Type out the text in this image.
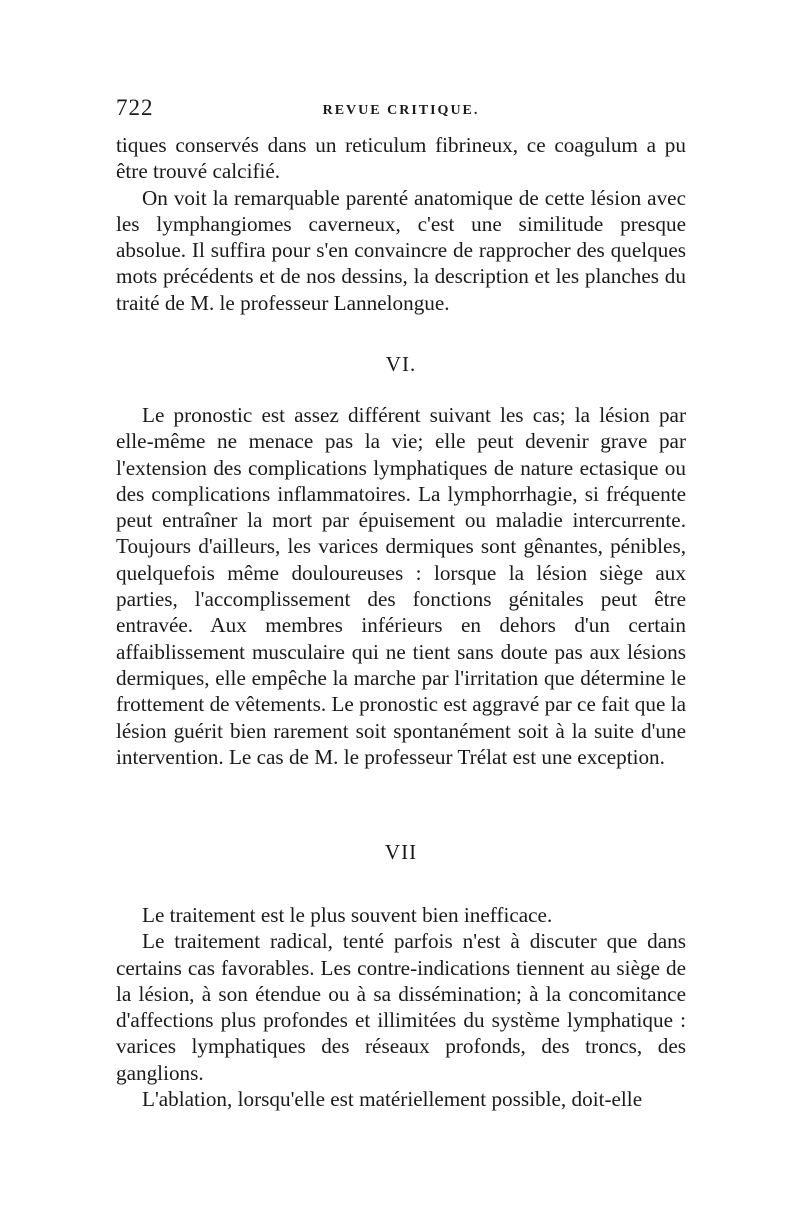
722	REVUE CRITIQUE.

tiques conservés dans un reticulum fibrineux, ce coagulum a pu être trouvé calcifié.

On voit la remarquable parenté anatomique de cette lésion avec les lymphangiomes caverneux, c'est une similitude presque absolue. Il suffira pour s'en convaincre de rapprocher des quelques mots précédents et de nos dessins, la description et les planches du traité de M. le professeur Lannelongue.

VI.

Le pronostic est assez différent suivant les cas; la lésion par elle-même ne menace pas la vie; elle peut devenir grave par l'extension des complications lymphatiques de nature ectasique ou des complications inflammatoires. La lymphorrhagie, si fréquente peut entraîner la mort par épuisement ou maladie intercurrente. Toujours d'ailleurs, les varices dermiques sont gênantes, pénibles, quelquefois même douloureuses : lorsque la lésion siège aux parties, l'accomplissement des fonctions génitales peut être entravée. Aux membres inférieurs en dehors d'un certain affaiblissement musculaire qui ne tient sans doute pas aux lésions dermiques, elle empêche la marche par l'irritation que détermine le frottement de vêtements. Le pronostic est aggravé par ce fait que la lésion guérit bien rarement soit spontanément soit à la suite d'une intervention. Le cas de M. le professeur Trélat est une exception.

VII

Le traitement est le plus souvent bien inefficace.

Le traitement radical, tenté parfois n'est à discuter que dans certains cas favorables. Les contre-indications tiennent au siège de la lésion, à son étendue ou à sa dissémination; à la concomitance d'affections plus profondes et illimitées du système lymphatique : varices lymphatiques des réseaux profonds, des troncs, des ganglions.

L'ablation, lorsqu'elle est matériellement possible, doit-elle
